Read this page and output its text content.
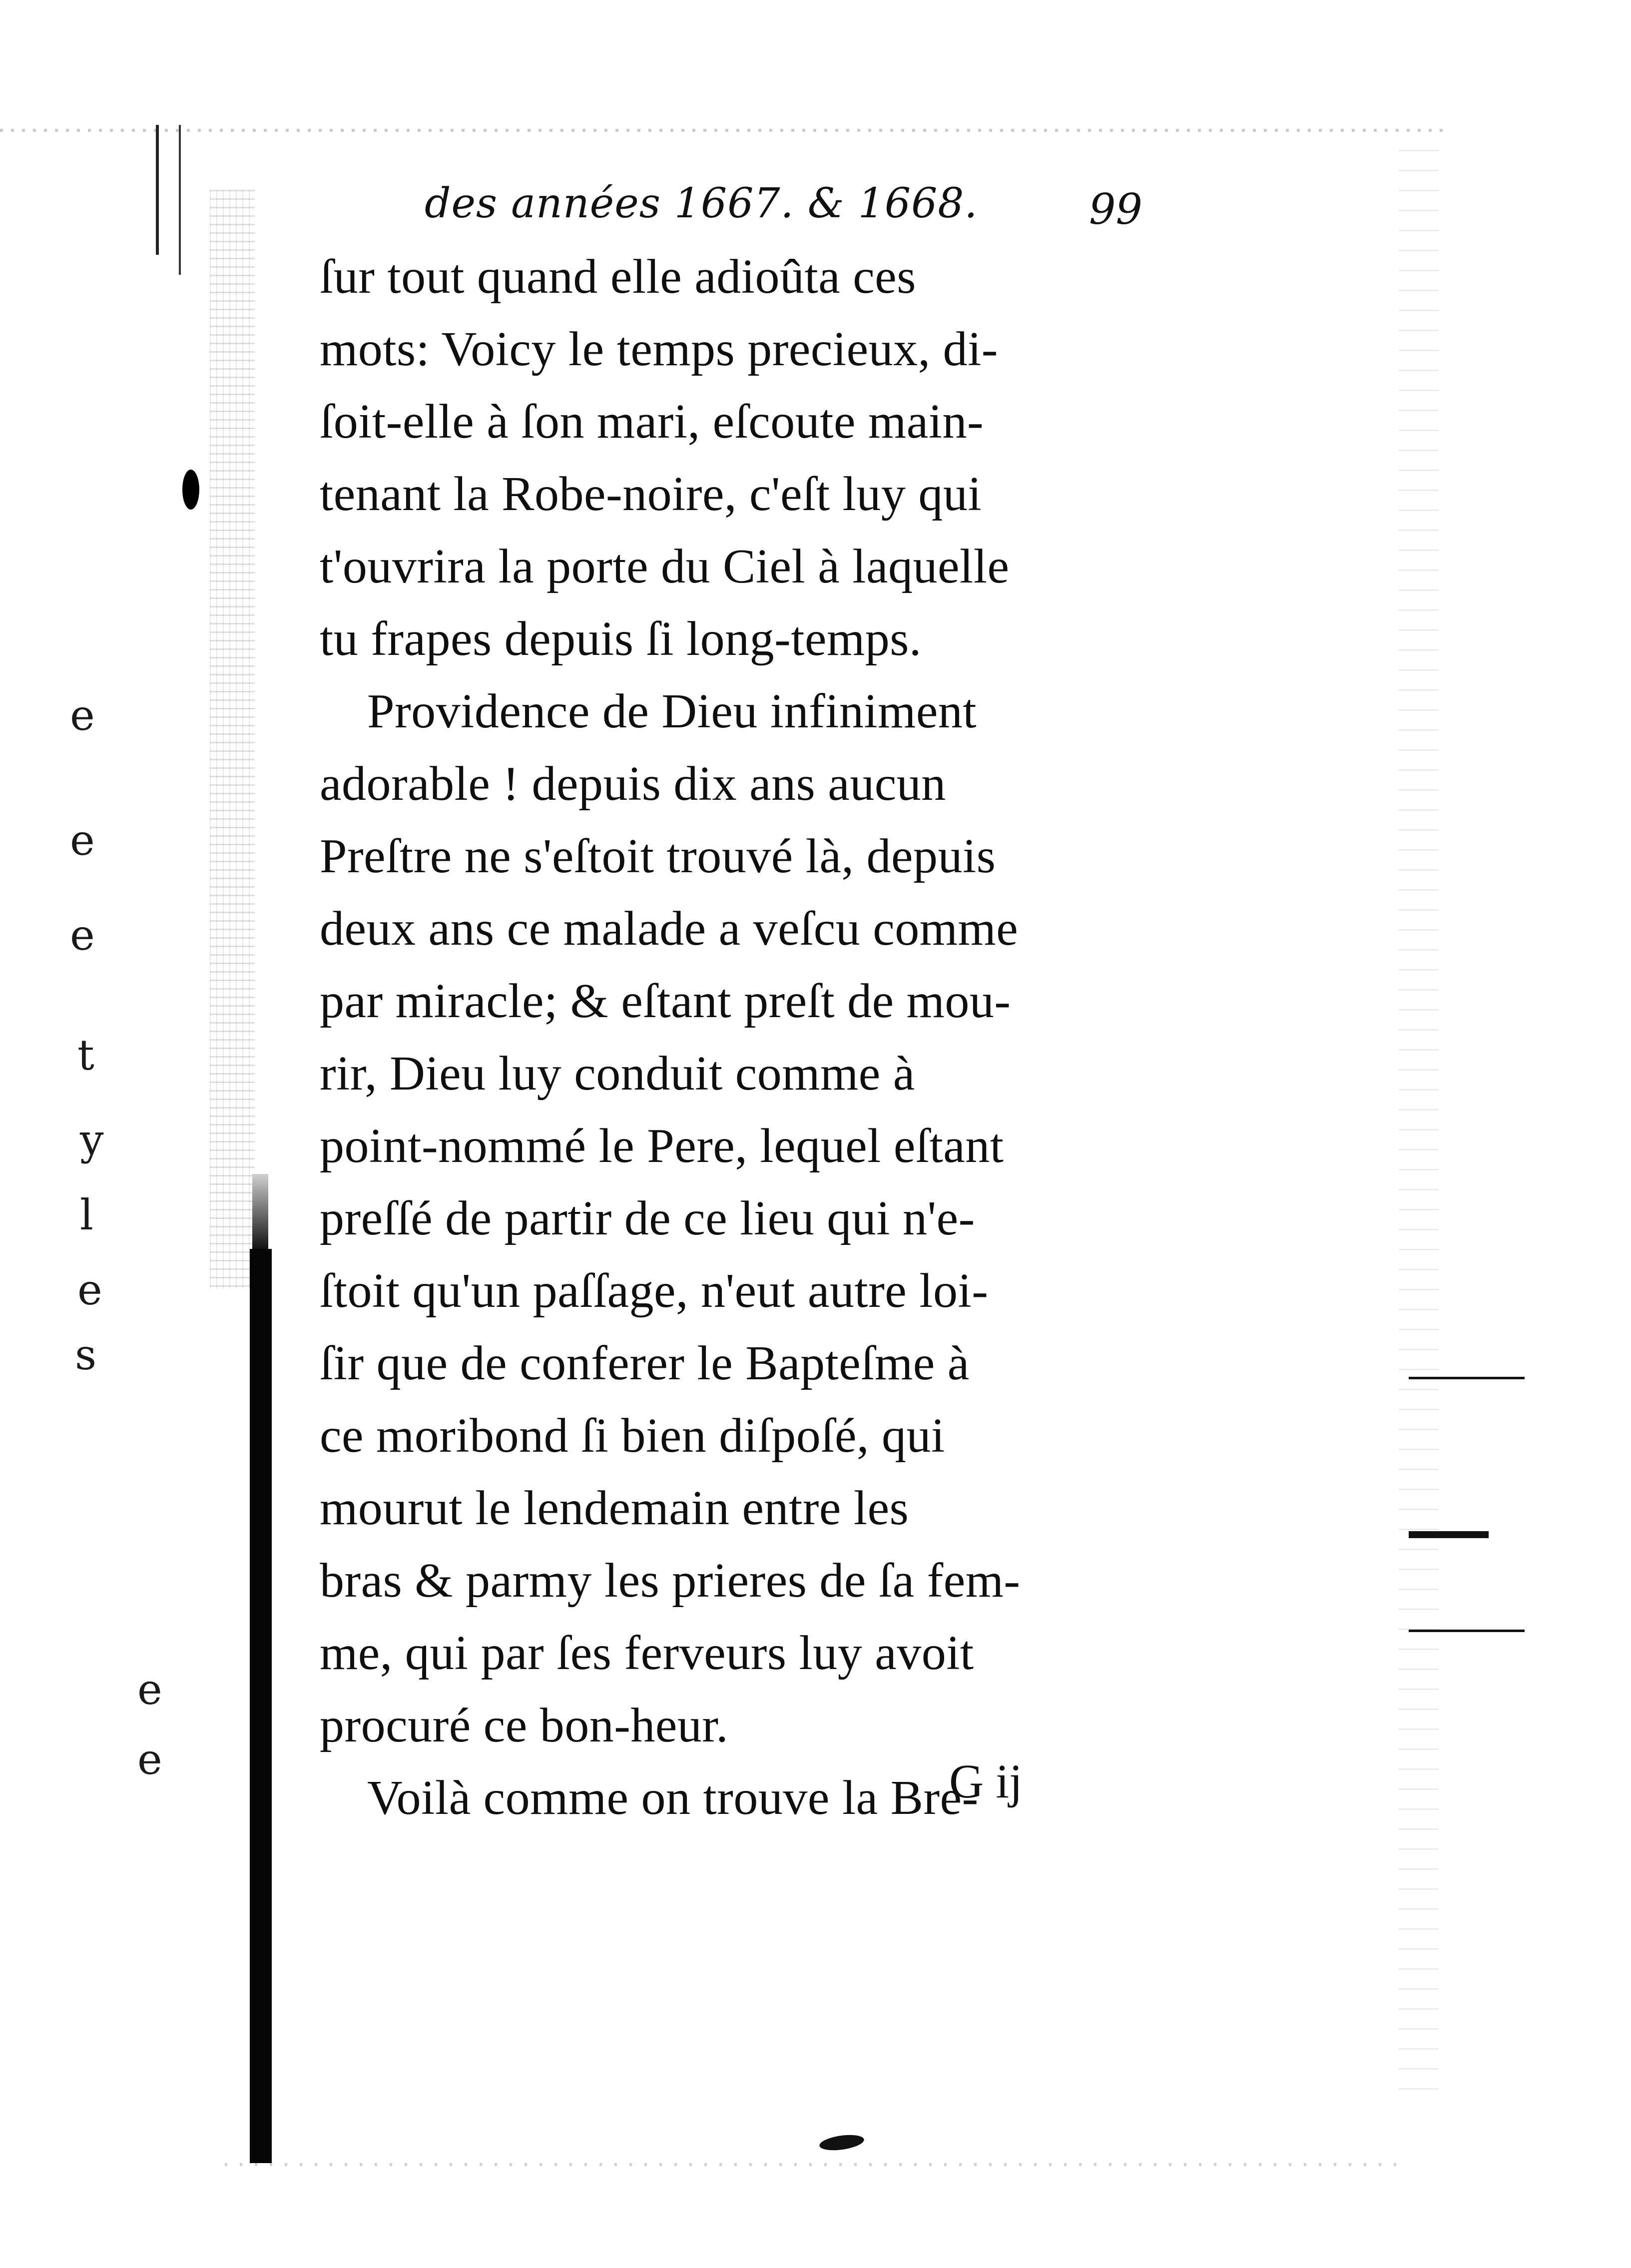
e
e
e
t
y
l
e
s
e
e
des années 1667. & 1668.	99
ſur tout quand elle adioûta ces
mots: Voicy le temps precieux, di-
ſoit-elle à ſon mari, eſcoute main-
tenant la Robe-noire, c'eſt luy qui
t'ouvrira la porte du Ciel à laquelle
tu frapes depuis ſi long-temps.
Providence de Dieu infiniment
adorable ! depuis dix ans aucun
Preſtre ne s'eſtoit trouvé là, depuis
deux ans ce malade a veſcu comme
par miracle; & eſtant preſt de mou-
rir, Dieu luy conduit comme à
point-nommé le Pere, lequel eſtant
preſſé de partir de ce lieu qui n'e-
ſtoit qu'un paſſage, n'eut autre loi-
ſir que de conferer le Bapteſme à
ce moribond ſi bien diſpoſé, qui
mourut le lendemain entre les
bras & parmy les prieres de ſa fem-
me, qui par ſes ferveurs luy avoit
procuré ce bon-heur.
Voilà comme on trouve la Bre-
G ij
